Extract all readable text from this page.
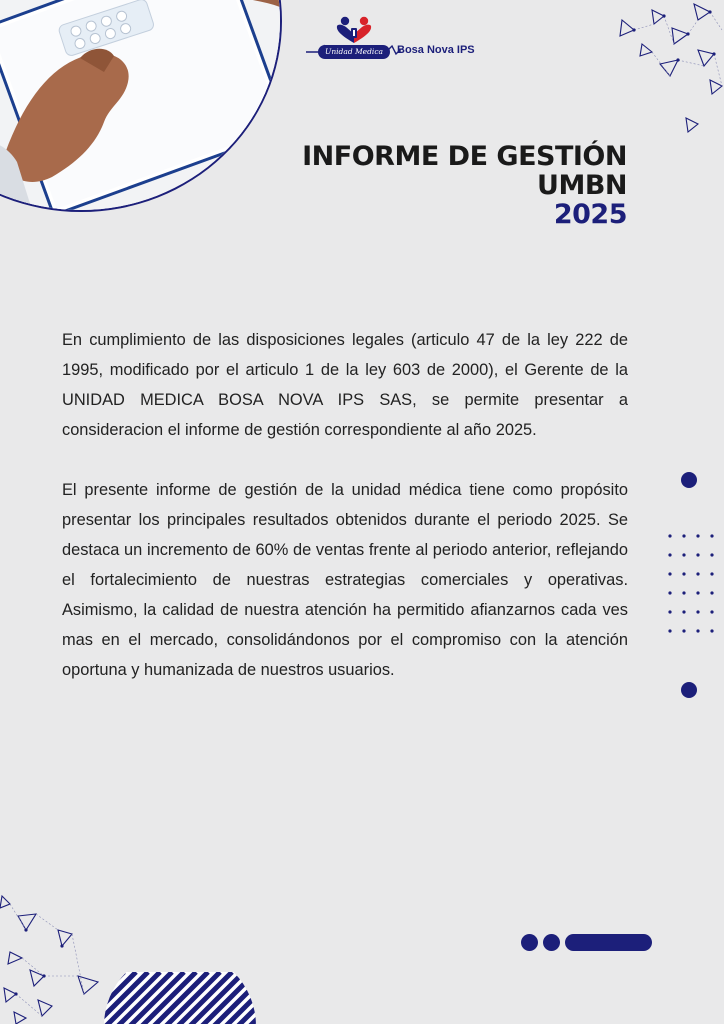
Unidad Medica	Bosa Nova IPS
INFORME DE GESTIÓN
UMBN
2025

En cumplimiento de las disposiciones legales (articulo 47 de la ley 222 de 1995, modificado por el articulo 1 de la ley 603 de 2000), el Gerente de la UNIDAD MEDICA BOSA NOVA IPS SAS, se permite presentar a consideracion el informe de gestión correspondiente al año 2025.

El presente informe de gestión de la unidad médica tiene como propósito presentar los principales resultados obtenidos durante el periodo 2025. Se destaca un incremento de 60% de ventas frente al periodo anterior, reflejando el fortalecimiento de nuestras estrategias comerciales y operativas. Asimismo, la calidad de nuestra atención ha permitido afianzarnos cada ves mas en el mercado, consolidándonos por el compromiso con la atención oportuna y humanizada de nuestros usuarios.
